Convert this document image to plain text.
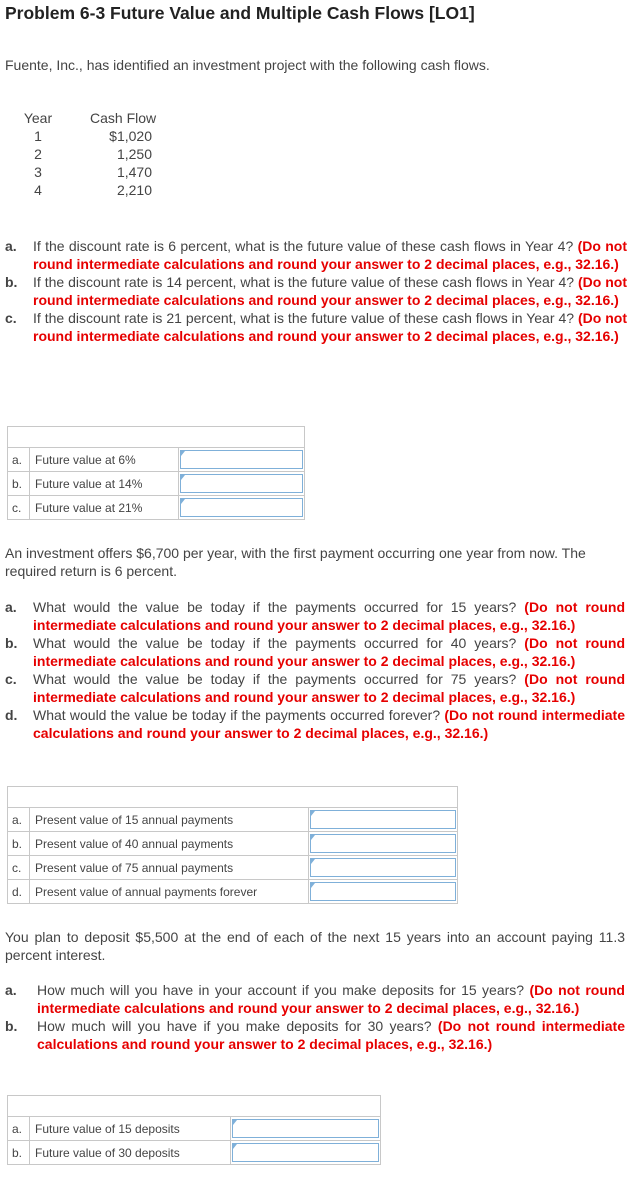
Problem 6-3 Future Value and Multiple Cash Flows [LO1]
Fuente, Inc., has identified an investment project with the following cash flows.
Year	Cash Flow
1	$1,020
2	1,250
3	1,470
4	2,210
a. If the discount rate is 6 percent, what is the future value of these cash flows in Year 4? (Do not round intermediate calculations and round your answer to 2 decimal places, e.g., 32.16.)
b. If the discount rate is 14 percent, what is the future value of these cash flows in Year 4? (Do not round intermediate calculations and round your answer to 2 decimal places, e.g., 32.16.)
c. If the discount rate is 21 percent, what is the future value of these cash flows in Year 4? (Do not round intermediate calculations and round your answer to 2 decimal places, e.g., 32.16.)

a.	Future value at 6%	

b.	Future value at 14%	

c.	Future value at 21%	
An investment offers $6,700 per year, with the first payment occurring one year from now. The required return is 6 percent.
a. What would the value be today if the payments occurred for 15 years? (Do not round intermediate calculations and round your answer to 2 decimal places, e.g., 32.16.)
b. What would the value be today if the payments occurred for 40 years? (Do not round intermediate calculations and round your answer to 2 decimal places, e.g., 32.16.)
c. What would the value be today if the payments occurred for 75 years? (Do not round intermediate calculations and round your answer to 2 decimal places, e.g., 32.16.)
d. What would the value be today if the payments occurred forever? (Do not round intermediate calculations and round your answer to 2 decimal places, e.g., 32.16.)

a.	Present value of 15 annual payments	

b.	Present value of 40 annual payments	

c.	Present value of 75 annual payments	

d.	Present value of annual payments forever	
You plan to deposit $5,500 at the end of each of the next 15 years into an account paying 11.3 percent interest.
a. How much will you have in your account if you make deposits for 15 years? (Do not round intermediate calculations and round your answer to 2 decimal places, e.g., 32.16.)
b. How much will you have if you make deposits for 30 years? (Do not round intermediate calculations and round your answer to 2 decimal places, e.g., 32.16.)

a.	Future value of 15 deposits	

b.	Future value of 30 deposits	
